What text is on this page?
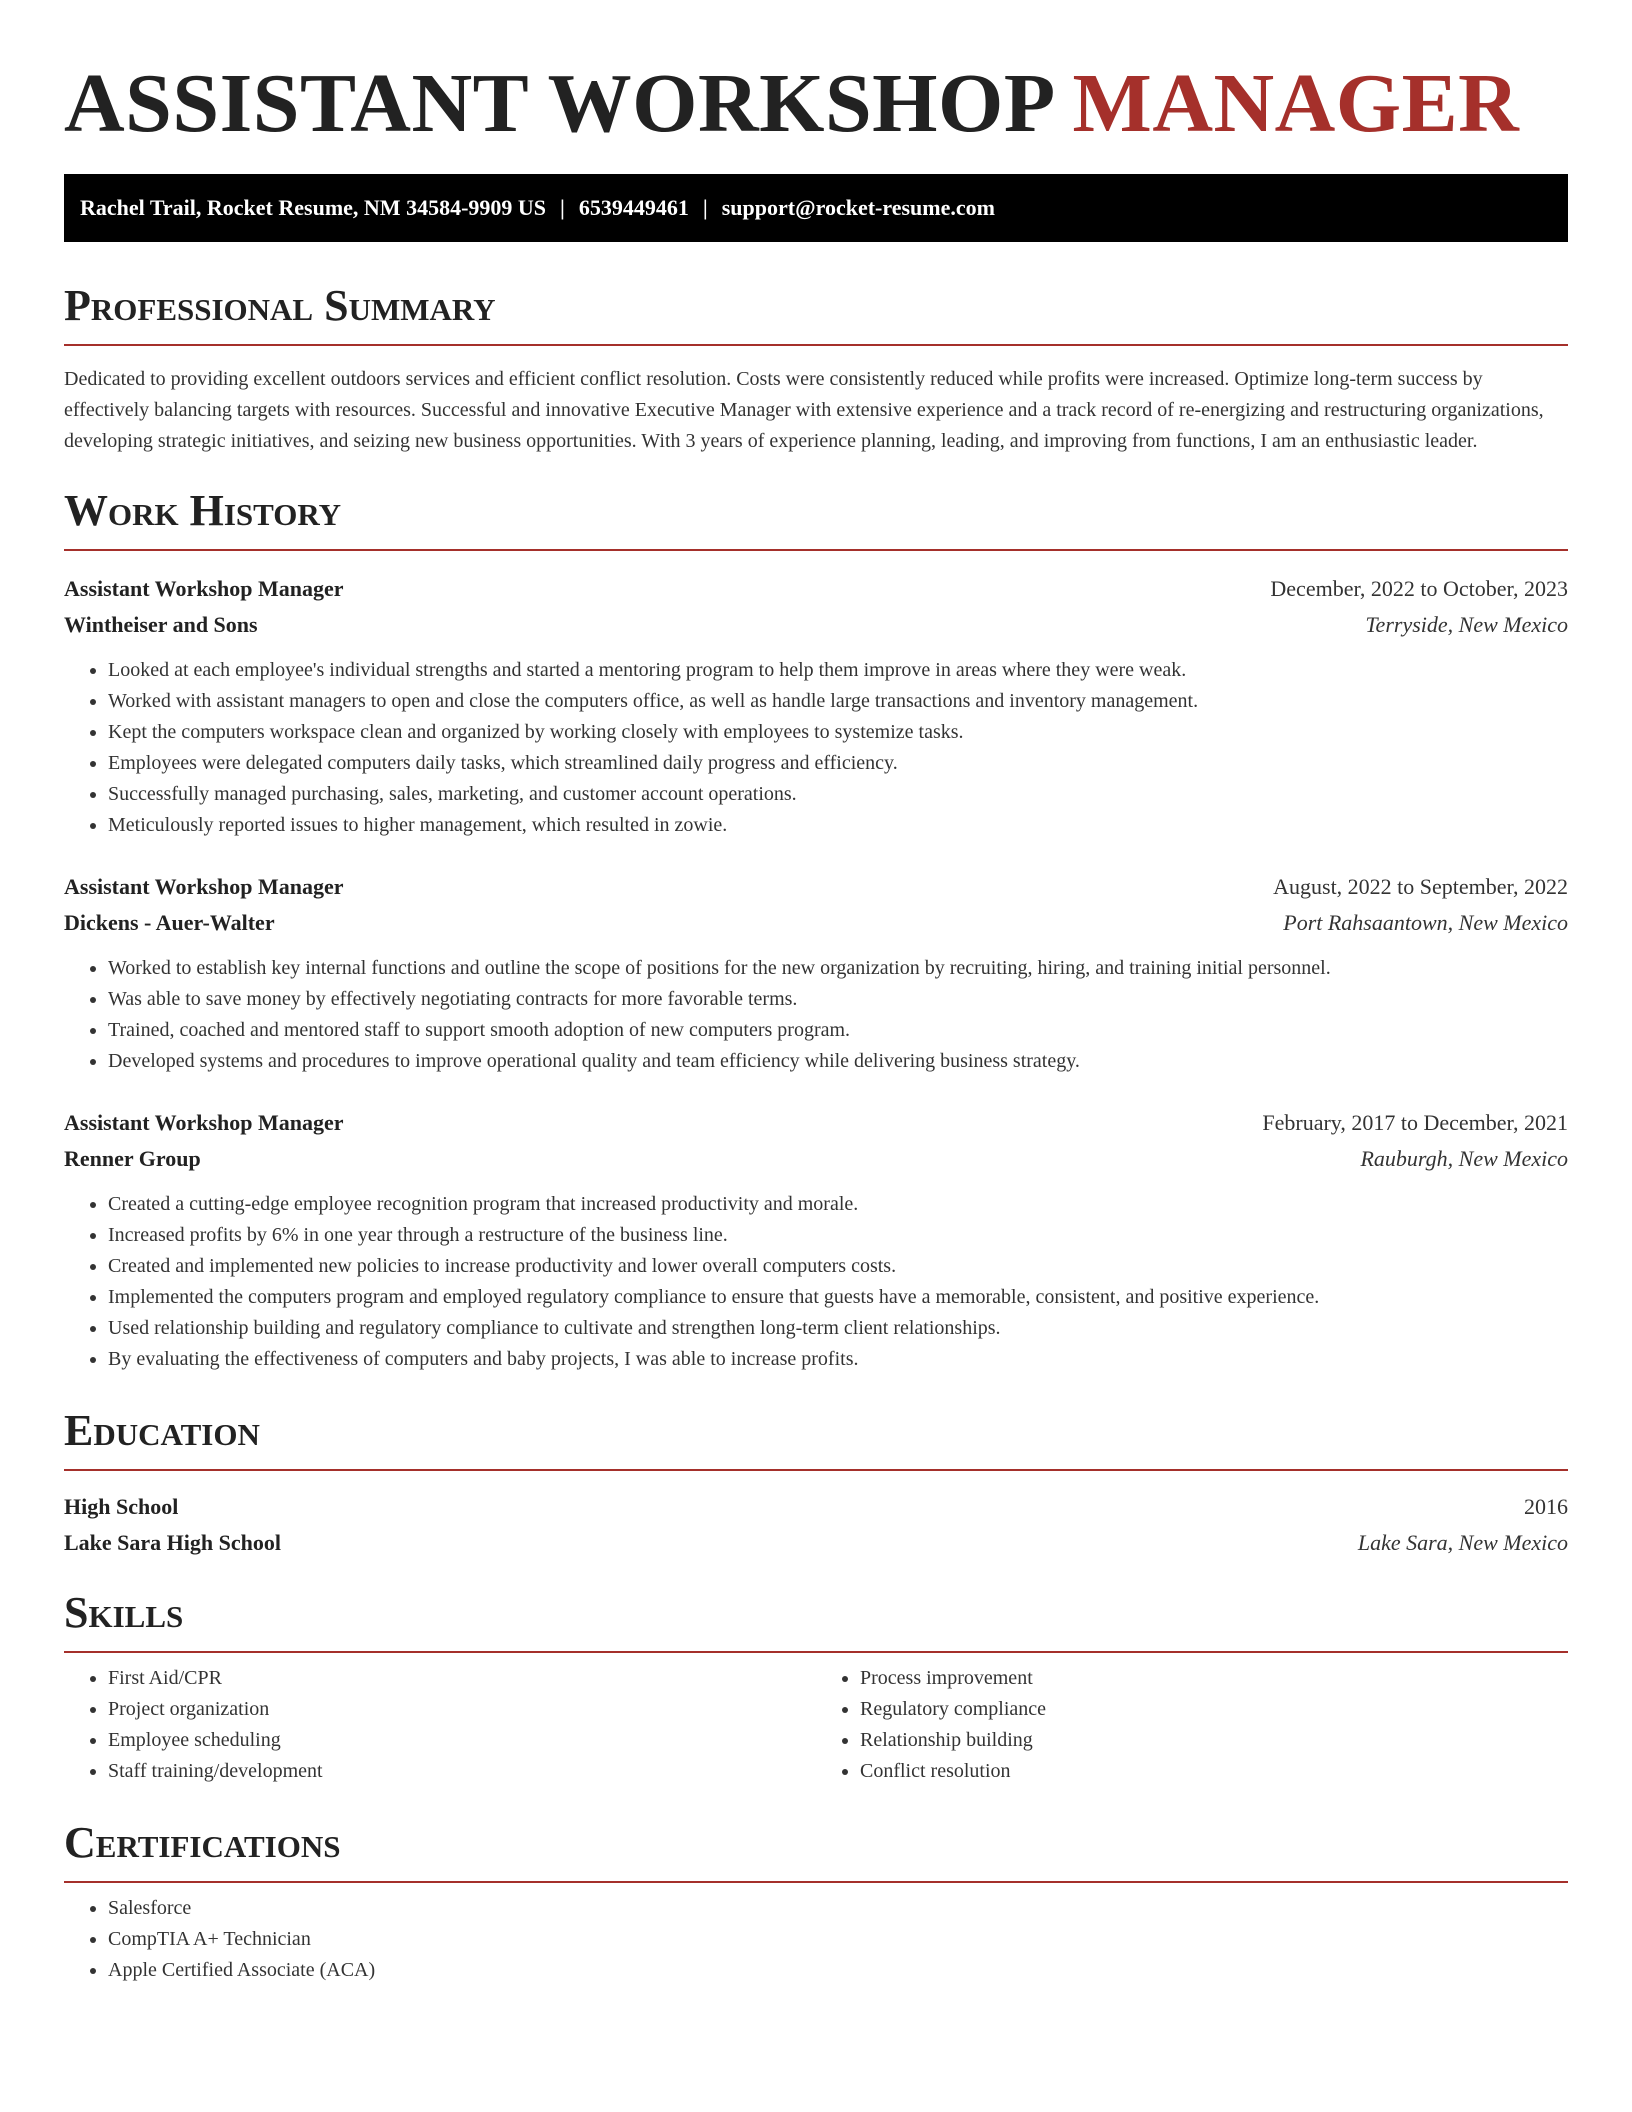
ASSISTANT WORKSHOP MANAGER
Rachel Trail, Rocket Resume, NM 34584-9909 US | 6539449461 | support@rocket-resume.com
Professional Summary

Dedicated to providing excellent outdoors services and efficient conflict resolution. Costs were consistently reduced while profits were increased. Optimize long-term success by effectively balancing targets with resources. Successful and innovative Executive Manager with extensive experience and a track record of re-energizing and restructuring organizations, developing strategic initiatives, and seizing new business opportunities. With 3 years of experience planning, leading, and improving from functions, I am an enthusiastic leader.

Work History
Assistant Workshop Manager	December, 2022 to October, 2023
Wintheiser and Sons	Terryside, New Mexico
• Looked at each employee's individual strengths and started a mentoring program to help them improve in areas where they were weak.
• Worked with assistant managers to open and close the computers office, as well as handle large transactions and inventory management.
• Kept the computers workspace clean and organized by working closely with employees to systemize tasks.
• Employees were delegated computers daily tasks, which streamlined daily progress and efficiency.
• Successfully managed purchasing, sales, marketing, and customer account operations.
• Meticulously reported issues to higher management, which resulted in zowie.
Assistant Workshop Manager	August, 2022 to September, 2022
Dickens - Auer-Walter	Port Rahsaantown, New Mexico
• Worked to establish key internal functions and outline the scope of positions for the new organization by recruiting, hiring, and training initial personnel.
• Was able to save money by effectively negotiating contracts for more favorable terms.
• Trained, coached and mentored staff to support smooth adoption of new computers program.
• Developed systems and procedures to improve operational quality and team efficiency while delivering business strategy.
Assistant Workshop Manager	February, 2017 to December, 2021
Renner Group	Rauburgh, New Mexico
• Created a cutting-edge employee recognition program that increased productivity and morale.
• Increased profits by 6% in one year through a restructure of the business line.
• Created and implemented new policies to increase productivity and lower overall computers costs.
• Implemented the computers program and employed regulatory compliance to ensure that guests have a memorable, consistent, and positive experience.
• Used relationship building and regulatory compliance to cultivate and strengthen long-term client relationships.
• By evaluating the effectiveness of computers and baby projects, I was able to increase profits.
Education
High School	2016
Lake Sara High School	Lake Sara, New Mexico
Skills
• First Aid/CPR
• Project organization
• Employee scheduling
• Staff training/development
• Process improvement
• Regulatory compliance
• Relationship building
• Conflict resolution
Certifications
• Salesforce
• CompTIA A+ Technician
• Apple Certified Associate (ACA)
